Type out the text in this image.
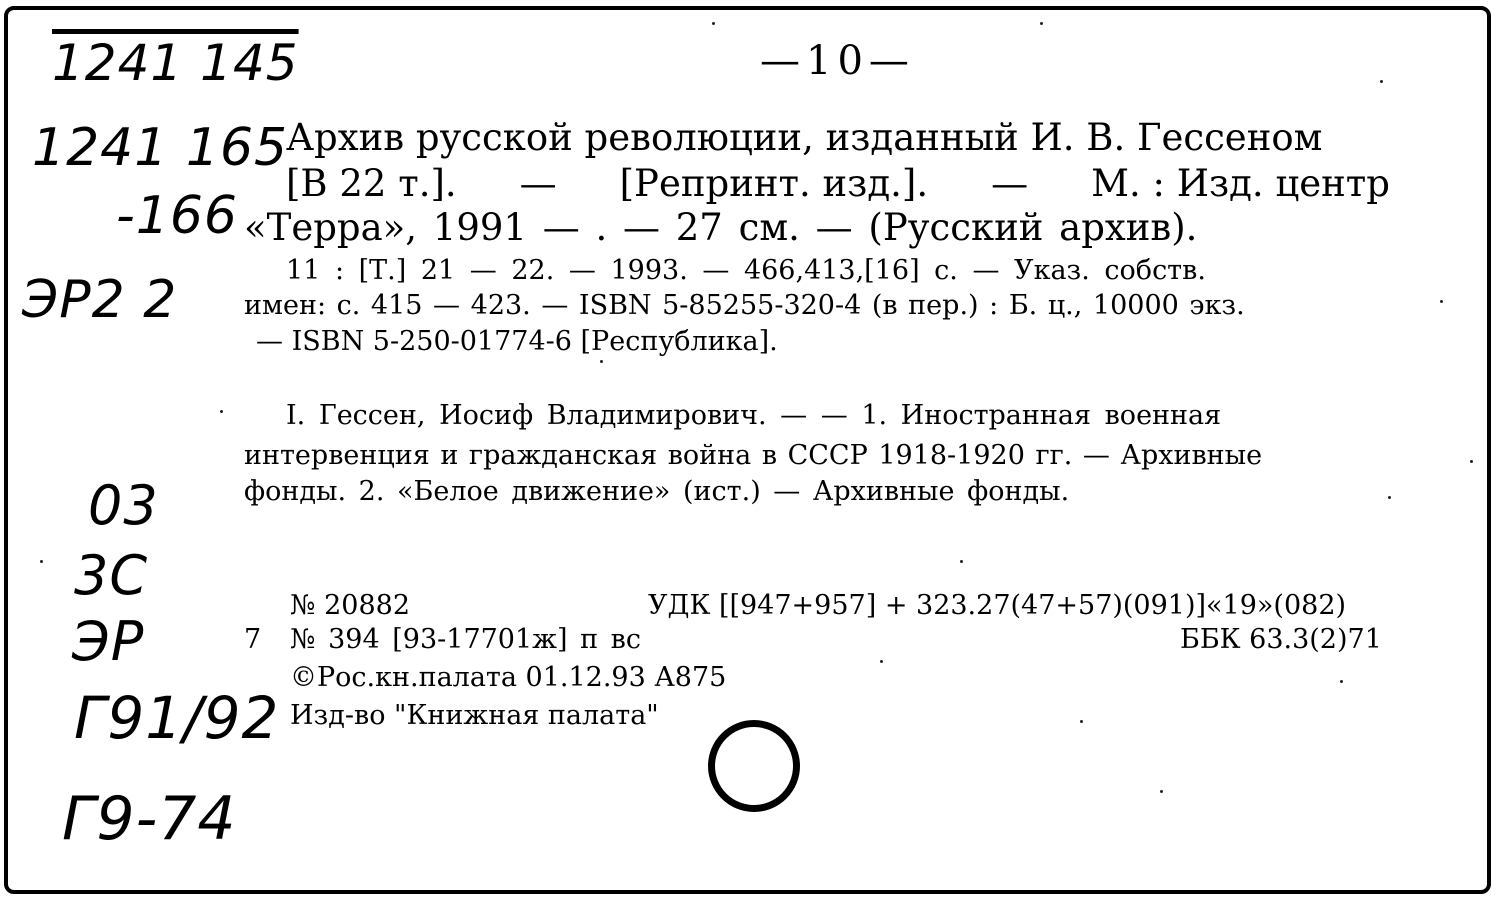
—10—
1241 145
1241 165
-166
ЭР2 2
03
3С
ЭР
Г91/92
Г9-74
Архив русской революции, изданный И. В. Гессеном
[В 22 т.]. — [Репринт. изд.]. — М. : Изд. центр
«Терра», 1991 — . — 27 см. — (Русский архив).
11 : [Т.] 21 — 22. — 1993. — 466,413,[16] с. — Указ. собств.
имен: с. 415 — 423. — ISBN 5-85255-320-4 (в пер.) : Б. ц., 10000 экз.
— ISBN 5-250-01774-6 [Республика].
I. Гессен, Иосиф Владимирович. — — 1. Иностранная военная
интервенция и гражданская война в СССР 1918-1920 гг. — Архивные
фонды. 2. «Белое движение» (ист.) — Архивные фонды.
№ 20882	УДК [[947+957] + 323.27(47+57)(091)]«19»(082)
7 № 394 [93-17701ж] п вс	ББК 63.3(2)71
©Рос.кн.палата 01.12.93 А875
Изд-во "Книжная палата"
